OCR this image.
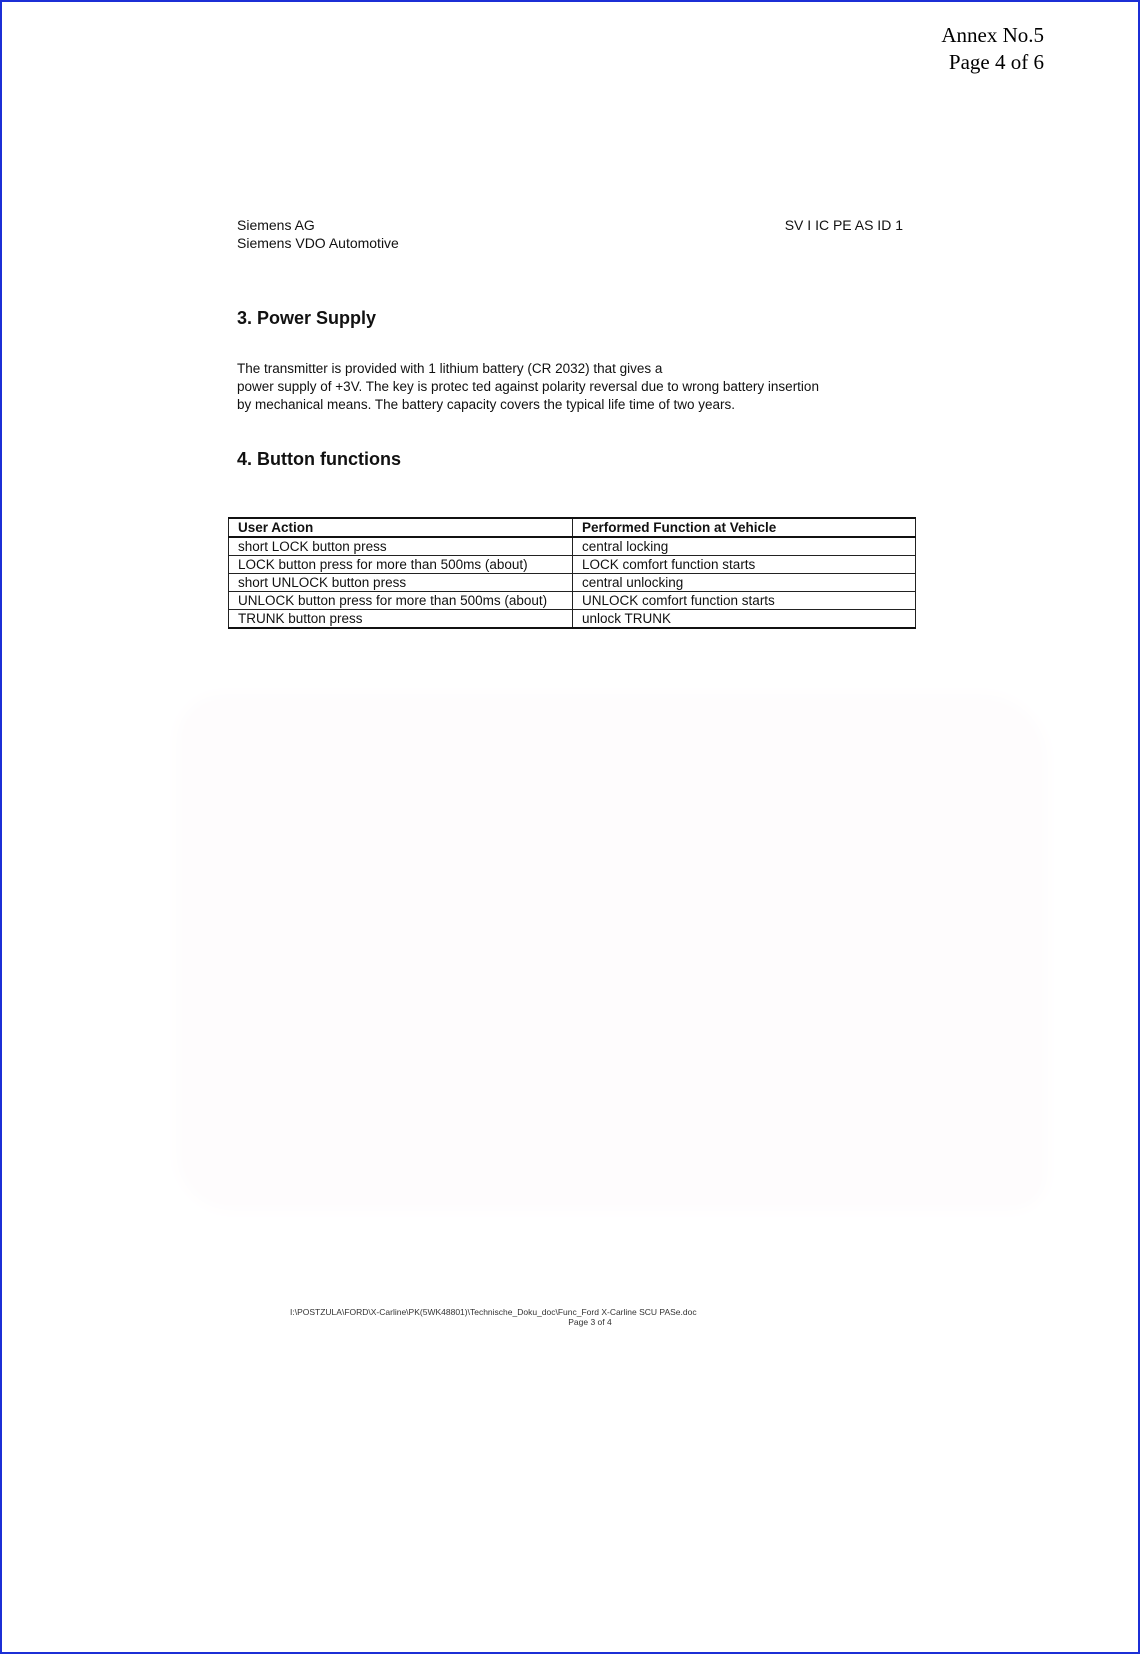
Annex No.5
Page 4 of 6
Siemens AG
Siemens VDO Automotive
SV I IC PE AS ID 1
3. Power Supply

The transmitter is provided with 1 lithium battery (CR 2032) that gives a
power supply of +3V. The key is protec ted against polarity reversal due to wrong battery insertion
by mechanical means. The battery capacity covers the typical life time of two years.

4. Button functions
User Action	Performed Function at Vehicle
short LOCK button press	central locking
LOCK button press for more than 500ms (about)	LOCK comfort function starts
short UNLOCK button press	central unlocking
UNLOCK button press for more than 500ms (about)	UNLOCK comfort function starts
TRUNK button press	unlock TRUNK
I:\POSTZULA\FORD\X-Carline\PK(5WK48801)\Technische_Doku_doc\Func_Ford X-Carline SCU PASe.doc
Page 3 of 4
